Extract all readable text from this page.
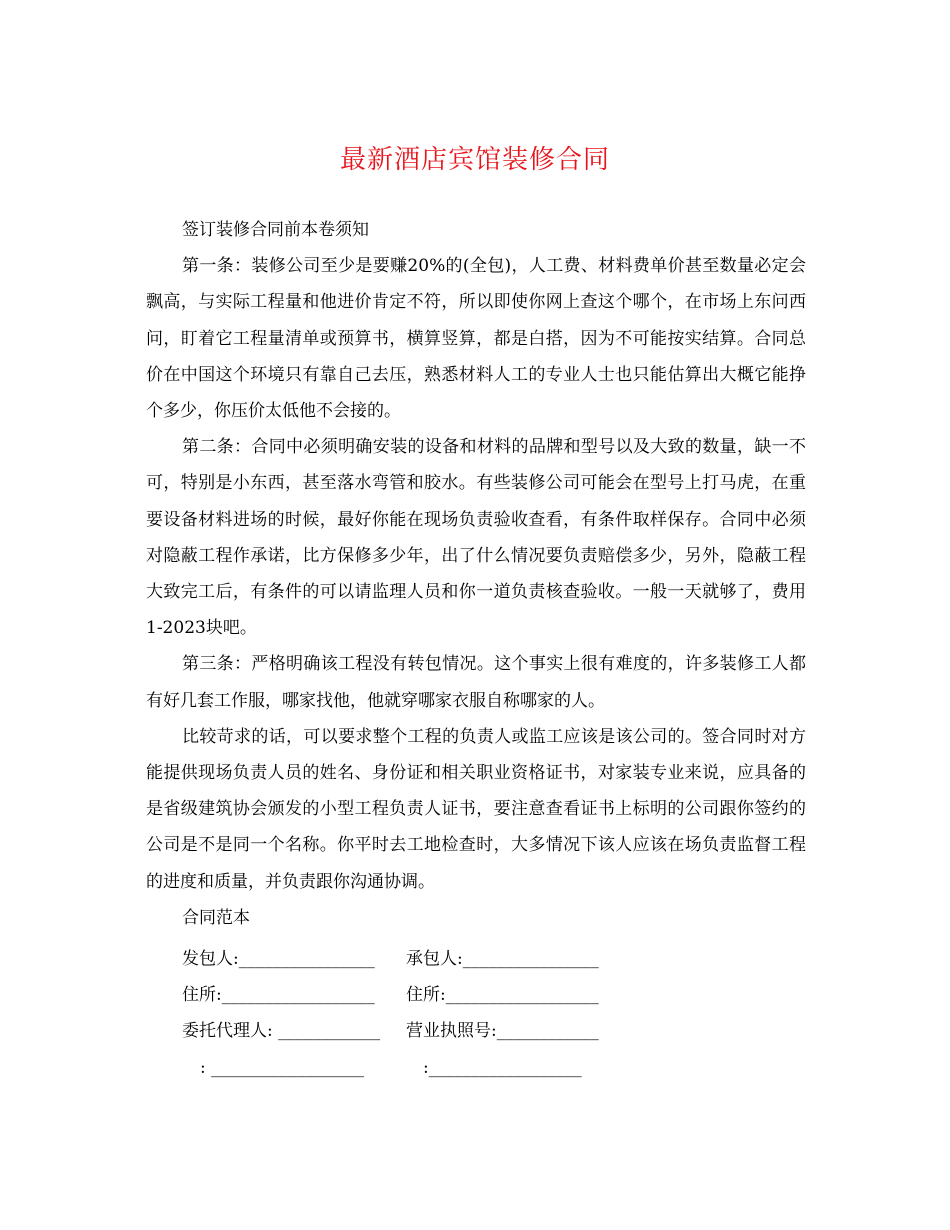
最新酒店宾馆装修合同

签订装修合同前本卷须知

第一条：装修公司至少是要赚20%的(全包)，人工费、材料费单价甚至数量必定会飘高，与实际工程量和他进价肯定不符，所以即使你网上查这个哪个，在市场上东问西问，盯着它工程量清单或预算书，横算竖算，都是白搭，因为不可能按实结算。合同总价在中国这个环境只有靠自己去压，熟悉材料人工的专业人士也只能估算出大概它能挣个多少，你压价太低他不会接的。

第二条：合同中必须明确安装的设备和材料的品牌和型号以及大致的数量，缺一不可，特别是小东西，甚至落水弯管和胶水。有些装修公司可能会在型号上打马虎，在重要设备材料进场的时候，最好你能在现场负责验收查看，有条件取样保存。合同中必须对隐蔽工程作承诺，比方保修多少年，出了什么情况要负责赔偿多少，另外，隐蔽工程大致完工后，有条件的可以请监理人员和你一道负责核查验收。一般一天就够了，费用1-2023块吧。

第三条：严格明确该工程没有转包情况。这个事实上很有难度的，许多装修工人都有好几套工作服，哪家找他，他就穿哪家衣服自称哪家的人。

比较苛求的话，可以要求整个工程的负责人或监工应该是该公司的。签合同时对方能提供现场负责人员的姓名、身份证和相关职业资格证书，对家装专业来说，应具备的是省级建筑协会颁发的小型工程负责人证书，要注意查看证书上标明的公司跟你签约的公司是不是同一个名称。你平时去工地检查时，大多情况下该人应该在场负责监督工程的进度和质量，并负责跟你沟通协调。

合同范本

发包人:________________	承包人:________________
住所:__________________	住所:__________________
委托代理人: ____________	营业执照号:____________
: __________________	:__________________
